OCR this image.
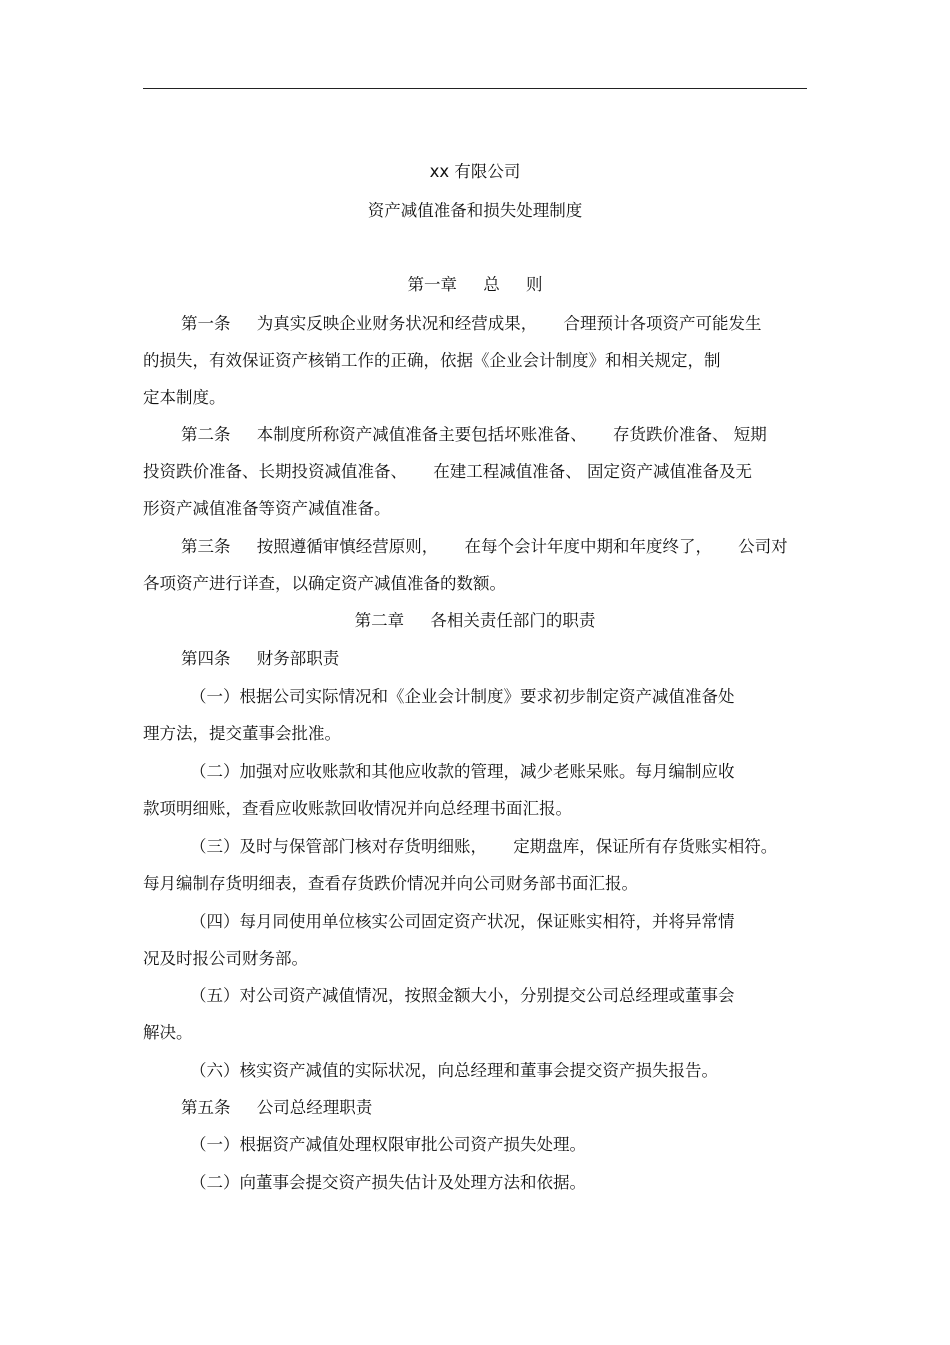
xx 有限公司

资产减值准备和损失处理制度

第一章     总     则

第一条     为真实反映企业财务状况和经营成果，     合理预计各项资产可能发生

的损失，有效保证资产核销工作的正确，依据《企业会计制度》和相关规定，制

定本制度。

第二条     本制度所称资产减值准备主要包括坏账准备、     存货跌价准备、 短期

投资跌价准备、长期投资减值准备、     在建工程减值准备、 固定资产减值准备及无

形资产减值准备等资产减值准备。

第三条     按照遵循审慎经营原则，     在每个会计年度中期和年度终了，     公司对

各项资产进行详查，以确定资产减值准备的数额。

第二章     各相关责任部门的职责

第四条     财务部职责

（一）根据公司实际情况和《企业会计制度》要求初步制定资产减值准备处

理方法，提交董事会批准。

（二）加强对应收账款和其他应收款的管理，减少老账呆账。每月编制应收

款项明细账，查看应收账款回收情况并向总经理书面汇报。

（三）及时与保管部门核对存货明细账，     定期盘库，保证所有存货账实相符。

每月编制存货明细表，查看存货跌价情况并向公司财务部书面汇报。

（四）每月同使用单位核实公司固定资产状况，保证账实相符，并将异常情

况及时报公司财务部。

（五）对公司资产减值情况，按照金额大小，分别提交公司总经理或董事会

解决。

（六）核实资产减值的实际状况，向总经理和董事会提交资产损失报告。

第五条     公司总经理职责

（一）根据资产减值处理权限审批公司资产损失处理。

（二）向董事会提交资产损失估计及处理方法和依据。
